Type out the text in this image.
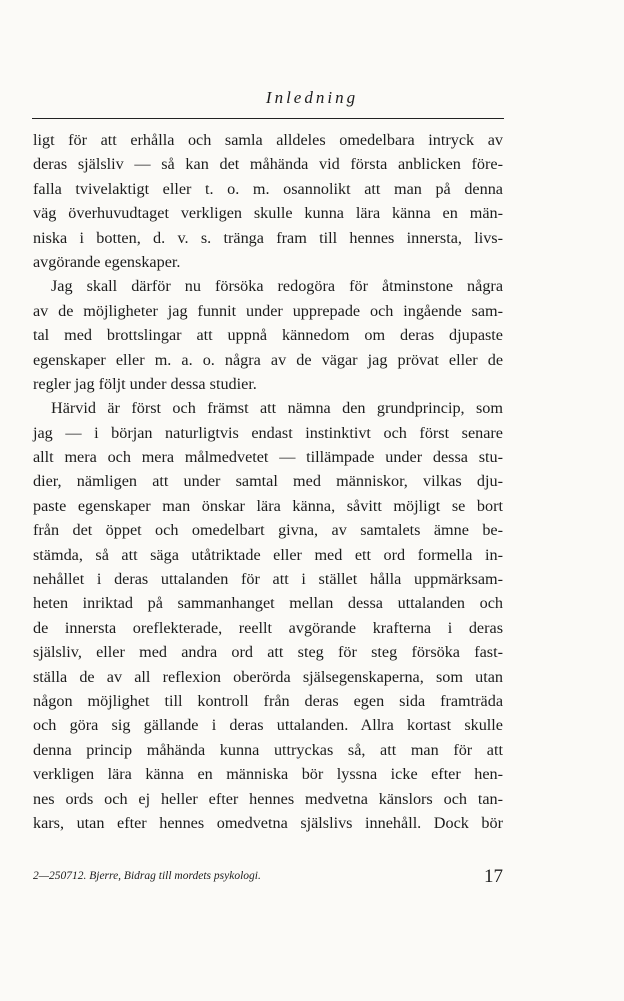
Inledning
ligt för att erhålla och samla alldeles omedelbara intryck av
deras själsliv — så kan det måhända vid första anblicken före-
falla tvivelaktigt eller t. o. m. osannolikt att man på denna
väg överhuvudtaget verkligen skulle kunna lära känna en män-
niska i botten, d. v. s. tränga fram till hennes innersta, livs-
avgörande egenskaper.
Jag skall därför nu försöka redogöra för åtminstone några
av de möjligheter jag funnit under upprepade och ingående sam-
tal med brottslingar att uppnå kännedom om deras djupaste
egenskaper eller m. a. o. några av de vägar jag prövat eller de
regler jag följt under dessa studier.
Härvid är först och främst att nämna den grundprincip, som
jag — i början naturligtvis endast instinktivt och först senare
allt mera och mera målmedvetet — tillämpade under dessa stu-
dier, nämligen att under samtal med människor, vilkas dju-
paste egenskaper man önskar lära känna, såvitt möjligt se bort
från det öppet och omedelbart givna, av samtalets ämne be-
stämda, så att säga utåtriktade eller med ett ord formella in-
nehållet i deras uttalanden för att i stället hålla uppmärksam-
heten inriktad på sammanhanget mellan dessa uttalanden och
de innersta oreflekterade, reellt avgörande krafterna i deras
själsliv, eller med andra ord att steg för steg försöka fast-
ställa de av all reflexion oberörda själsegenskaperna, som utan
någon möjlighet till kontroll från deras egen sida framträda
och göra sig gällande i deras uttalanden. Allra kortast skulle
denna princip måhända kunna uttryckas så, att man för att
verkligen lära känna en människa bör lyssna icke efter hen-
nes ords och ej heller efter hennes medvetna känslors och tan-
kars, utan efter hennes omedvetna själslivs innehåll. Dock bör
2—250712. Bjerre, Bidrag till mordets psykologi.	17
